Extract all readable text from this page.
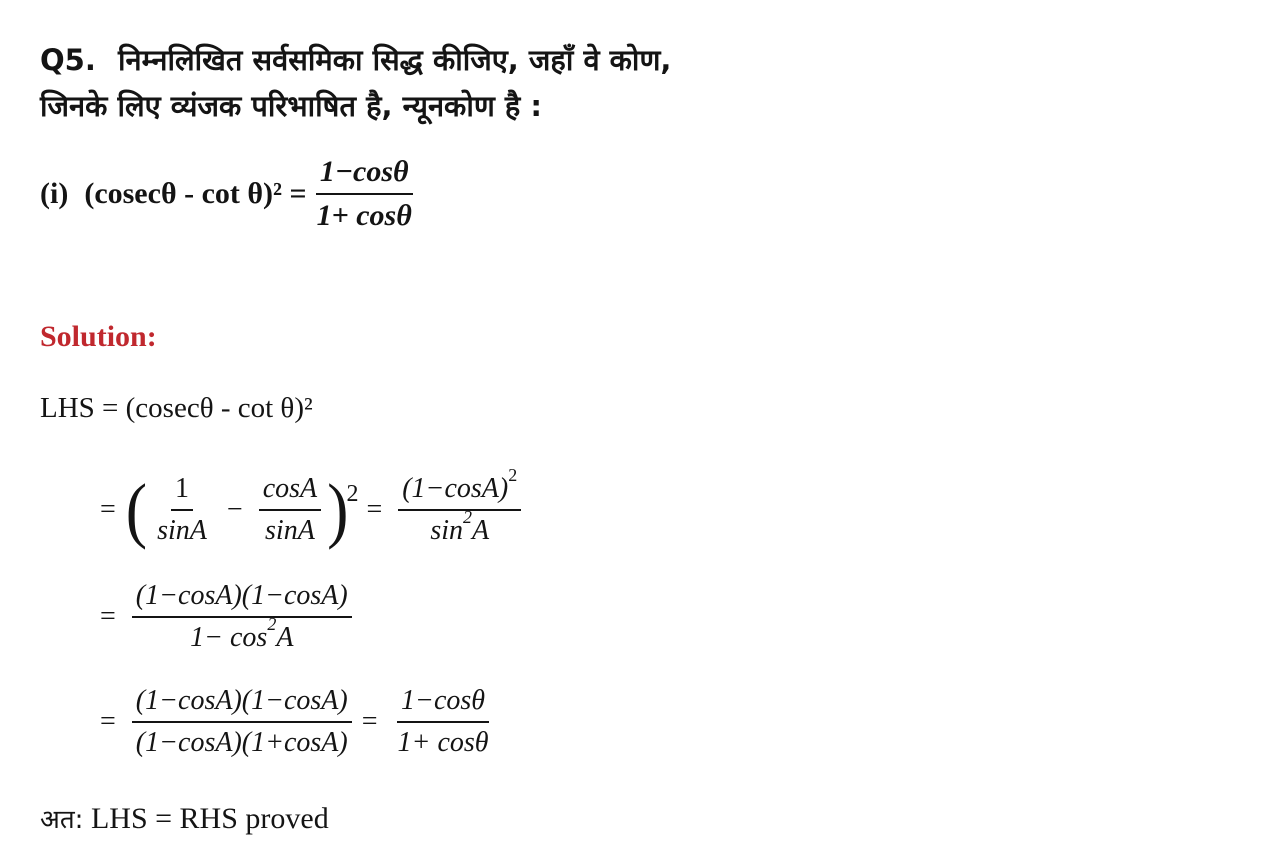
Q5. निम्नलिखित सर्वसमिका सिद्ध कीजिए, जहाँ वे कोण,
जिनके लिए व्यंजक परिभाषित है, न्यूनकोण है :
(i) $(cosec\theta - \cot \theta)^2 = \frac{1-\cos\theta}{1+ \cos\theta}$
Solution:
LHS = (cosecθ - cot θ)²
= ( $\frac{1}{\sin A} - \frac{\cos A}{\sin A}$ )
2
= $\frac{(1-\cos A)^2}{\sin^2A}$
= $\frac{(1-\cos A)(1-\cos A)}{1- \cos^2A}$
= $\frac{(1-\cos A)(1-\cos A)}{(1-\cos A)(1+\cos A)} = \frac{1-\cos\theta}{1+ \cos\theta}$
अत: LHS = RHS proved
